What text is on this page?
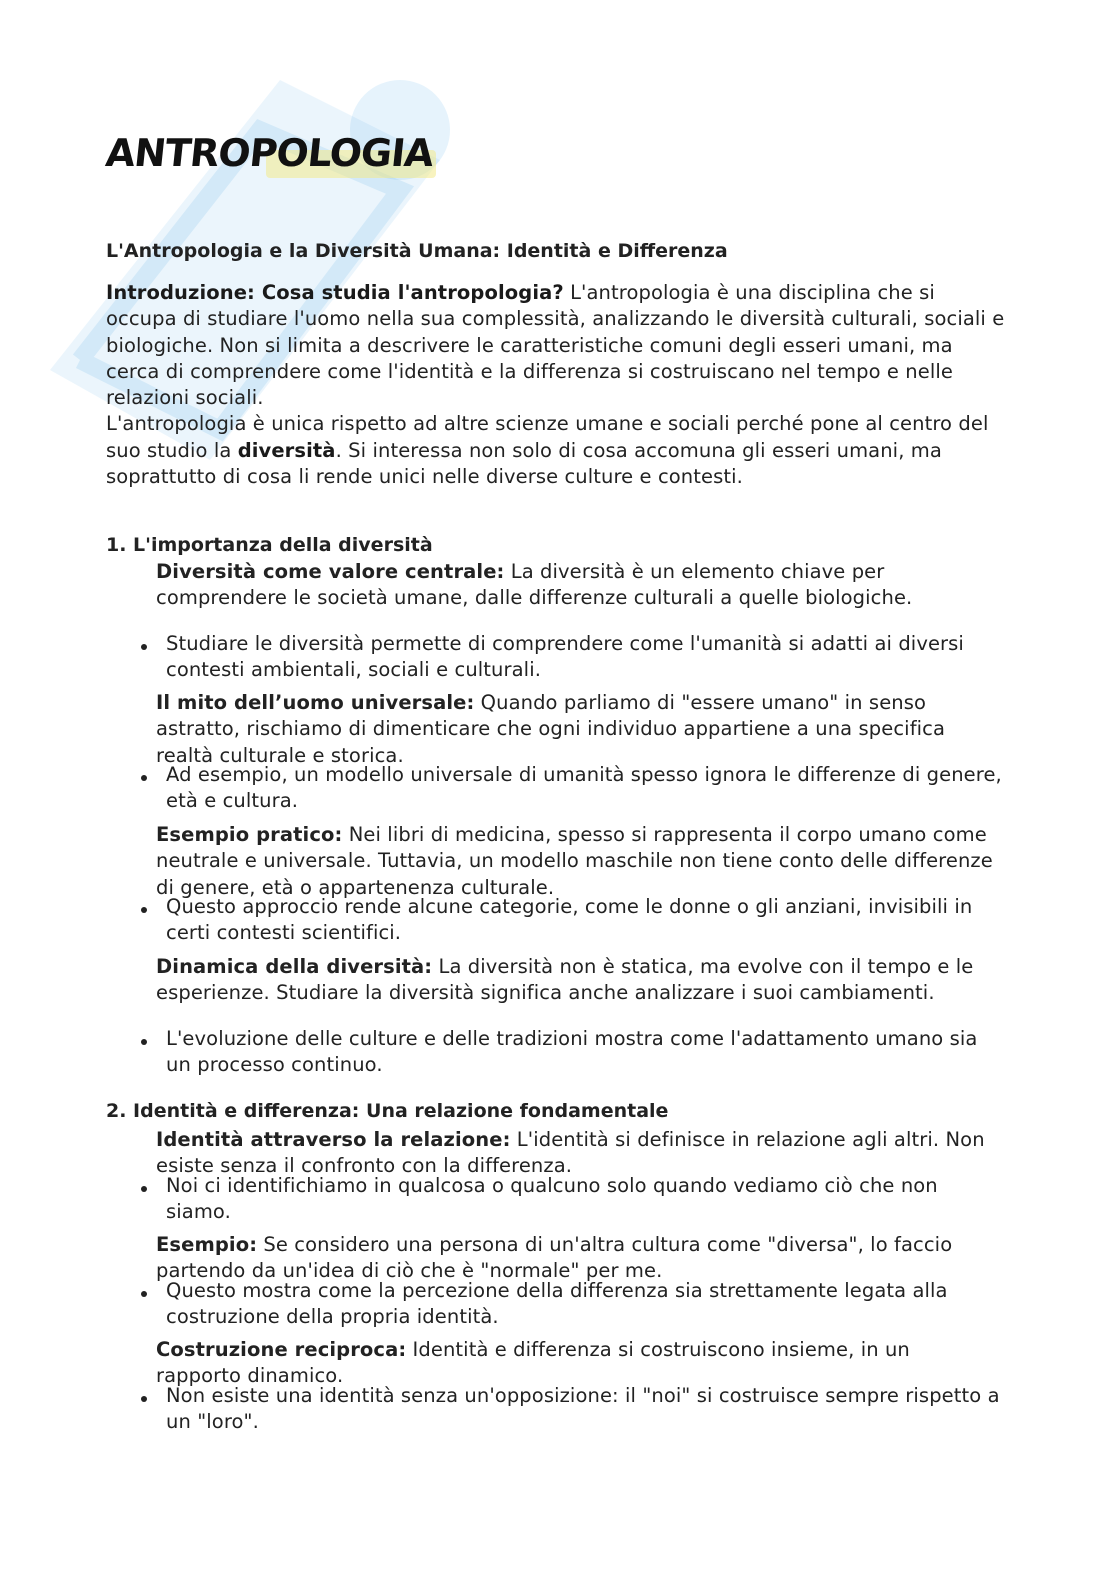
ANTROPOLOGIA
L'Antropologia e la Diversità Umana: Identità e Differenza

Introduzione: Cosa studia l'antropologia? L'antropologia è una disciplina che si occupa di studiare l'uomo nella sua complessità, analizzando le diversità culturali, sociali e biologiche. Non si limita a descrivere le caratteristiche comuni degli esseri umani, ma cerca di comprendere come l'identità e la differenza si costruiscano nel tempo e nelle relazioni sociali.
L'antropologia è unica rispetto ad altre scienze umane e sociali perché pone al centro del suo studio la diversità. Si interessa non solo di cosa accomuna gli esseri umani, ma soprattutto di cosa li rende unici nelle diverse culture e contesti.

1. L'importanza della diversità

Diversità come valore centrale: La diversità è un elemento chiave per comprendere le società umane, dalle differenze culturali a quelle biologiche.

Studiare le diversità permette di comprendere come l'umanità si adatti ai diversi contesti ambientali, sociali e culturali.

Il mito dell’uomo universale: Quando parliamo di "essere umano" in senso astratto, rischiamo di dimenticare che ogni individuo appartiene a una specifica realtà culturale e storica.

Ad esempio, un modello universale di umanità spesso ignora le differenze di genere, età e cultura.

Esempio pratico: Nei libri di medicina, spesso si rappresenta il corpo umano come neutrale e universale. Tuttavia, un modello maschile non tiene conto delle differenze di genere, età o appartenenza culturale.

Questo approccio rende alcune categorie, come le donne o gli anziani, invisibili in certi contesti scientifici.

Dinamica della diversità: La diversità non è statica, ma evolve con il tempo e le esperienze. Studiare la diversità significa anche analizzare i suoi cambiamenti.

L'evoluzione delle culture e delle tradizioni mostra come l'adattamento umano sia un processo continuo.

2. Identità e differenza: Una relazione fondamentale

Identità attraverso la relazione: L'identità si definisce in relazione agli altri. Non esiste senza il confronto con la differenza.

Noi ci identifichiamo in qualcosa o qualcuno solo quando vediamo ciò che non siamo.

Esempio: Se considero una persona di un'altra cultura come "diversa", lo faccio partendo da un'idea di ciò che è "normale" per me.

Questo mostra come la percezione della differenza sia strettamente legata alla costruzione della propria identità.

Costruzione reciproca: Identità e differenza si costruiscono insieme, in un rapporto dinamico.

Non esiste una identità senza un'opposizione: il "noi" si costruisce sempre rispetto a un "loro".
